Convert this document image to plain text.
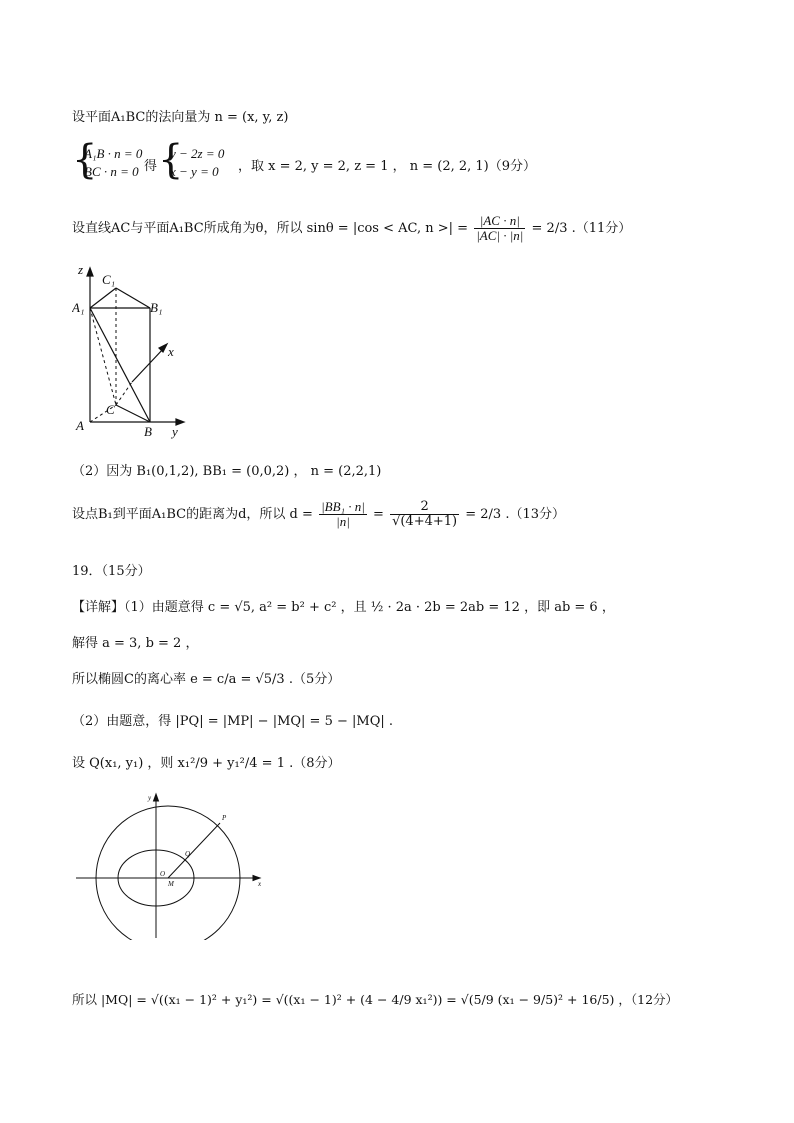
设平面A₁BC的法向量为 n = (x, y, z)
{
A₁B · n = 0
BC · n = 0 得 {
y − 2z = 0
x − y = 0 ，取 x = 2, y = 2, z = 1 ， n = (2, 2, 1)（9分）
设直线AC与平面A₁BC所成角为θ，所以 sinθ = |cos < AC, n >| = $\frac{|AC \cdot n|}{|AC| \cdot |n|} = 2/3$ .（11分）
z
C₁
A₁	B₁
x
C
A	B y
（2）因为 B₁(0,1,2), BB₁ = (0,0,2) ， n = (2,2,1)
设点B₁到平面A₁BC的距离为d，所以 $d = \frac{\text{|BB₁ · n|}}{|n|} = \frac{2}{√(4+4+1)} = 2/3$ .（13分）
19．（15分）
【详解】（1）由题意得 c = √5, a² = b² + c² ，且 ½ · 2a · 2b = 2ab = 12 ，即 ab = 6 ，
解得 a = 3, b = 2 ，
所以椭圆C的离心率 e = c/a = √5/3 .（5分）
（2）由题意，得 |PQ| = |MP| − |MQ| = 5 − |MQ| .
设 Q(x₁, y₁) ，则 x₁²/9 + y₁²/4 = 1 .（8分）
y
P
Q
O
M	x
所以 |MQ| = √((x₁ − 1)² + y₁²) = √((x₁ − 1)² + (4 − 4/9 x₁²)) = √(5/9 (x₁ − 9/5)² + 16/5) ，（12分）
